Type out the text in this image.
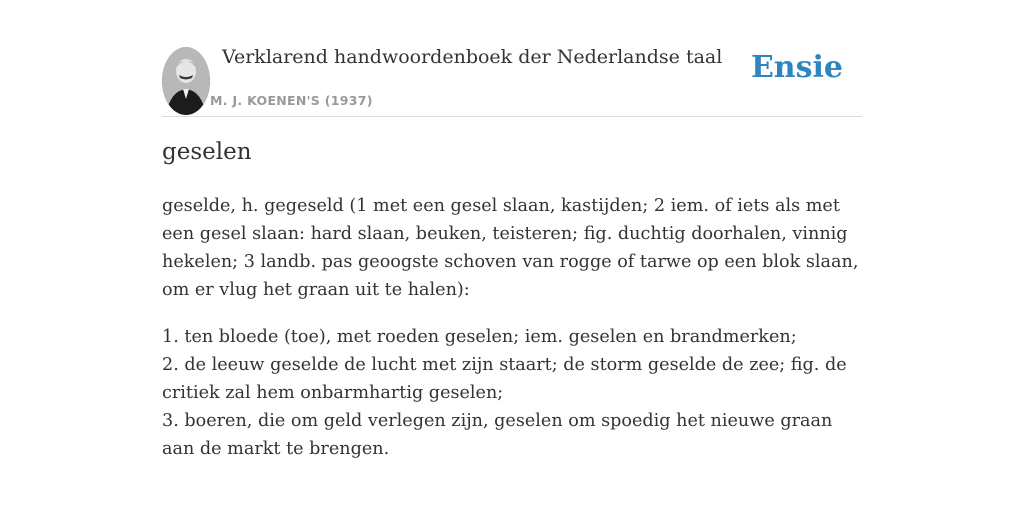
Verklarend handwoordenboek der Nederlandse taal
M. J. KOENEN'S (1937)
Ensie
geselen

geselde, h. gegeseld (1 met een gesel slaan, kastijden; 2 iem. of iets als met een gesel slaan: hard slaan, beuken, teisteren; fig. duchtig doorhalen, vinnig hekelen; 3 landb. pas geoogste schoven van rogge of tarwe op een blok slaan, om er vlug het graan uit te halen):

1. ten bloede (toe), met roeden geselen; iem. geselen en brandmerken;
2. de leeuw geselde de lucht met zijn staart; de storm geselde de zee; fig. de critiek zal hem onbarmhartig geselen;
3. boeren, die om geld verlegen zijn, geselen om spoedig het nieuwe graan aan de markt te brengen.
